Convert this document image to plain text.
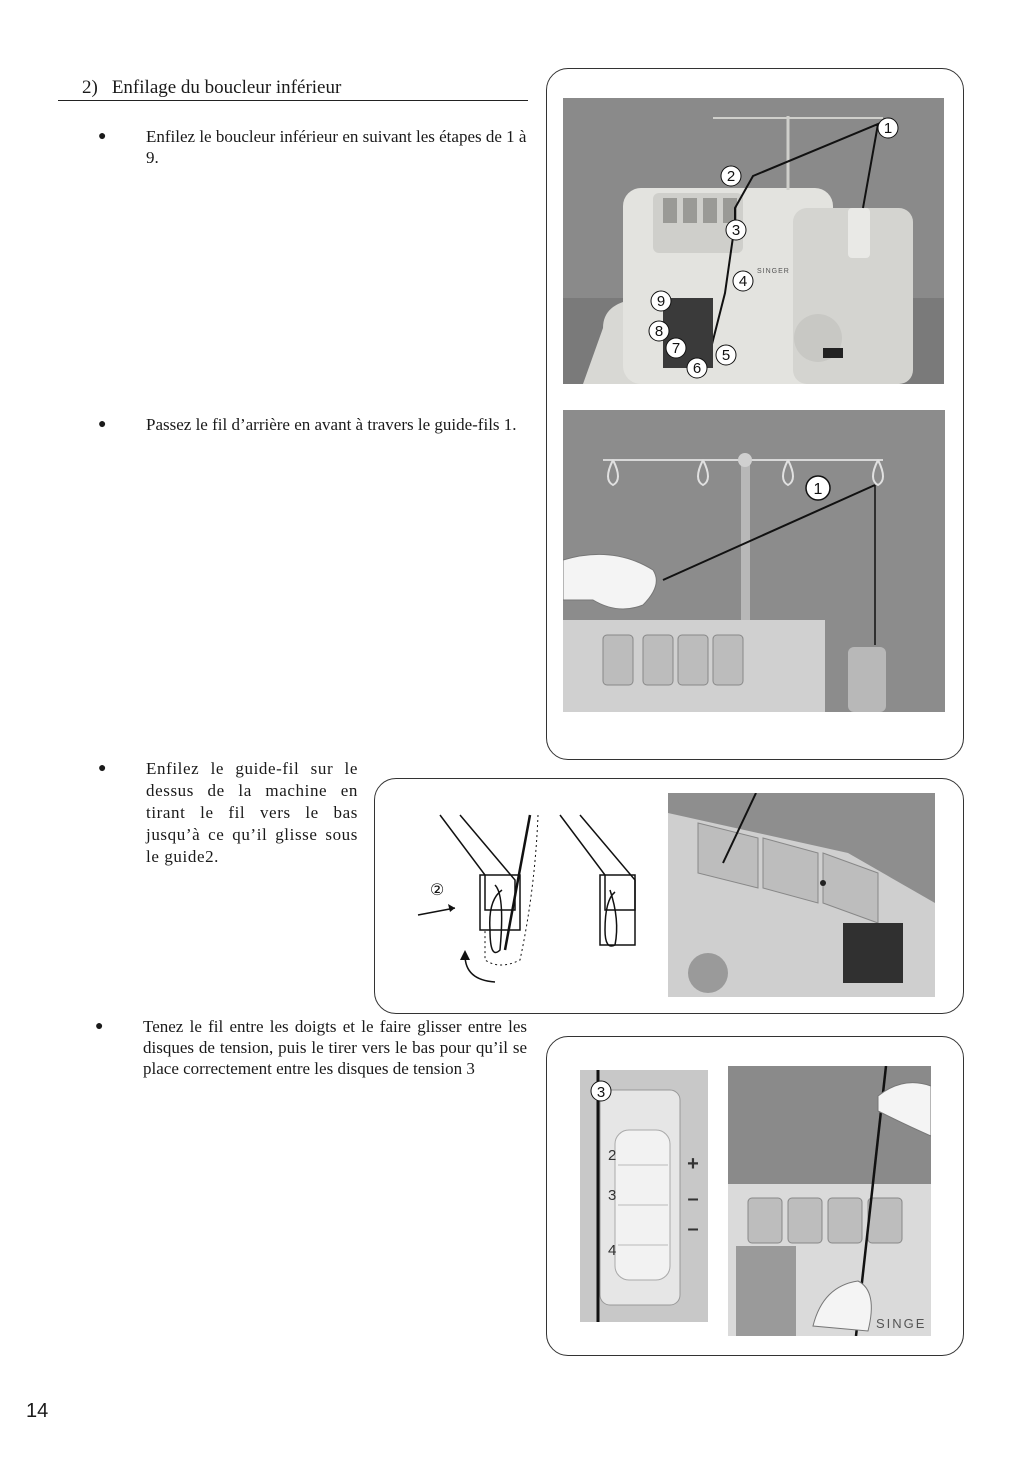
2) Enfilage du boucleur inférieur
● Enfilez le boucleur inférieur en suivant les étapes de 1 à 9.
● Passez le fil d’arrière en avant à travers le guide-fils 1.
● Enfilez le guide-fil sur le dessus de la machine en tirant le fil vers le bas jusqu’à ce qu’il glisse sous le guide2.
● Tenez le fil entre les doigts et le faire glisser entre les disques de tension, puis le tirer vers le bas pour qu’il se place correctement entre les disques de tension 3
1
2
3
4
5
6
7
8
9
SINGER
1
②
2
3
4
+
–
–
3
SINGE
14
